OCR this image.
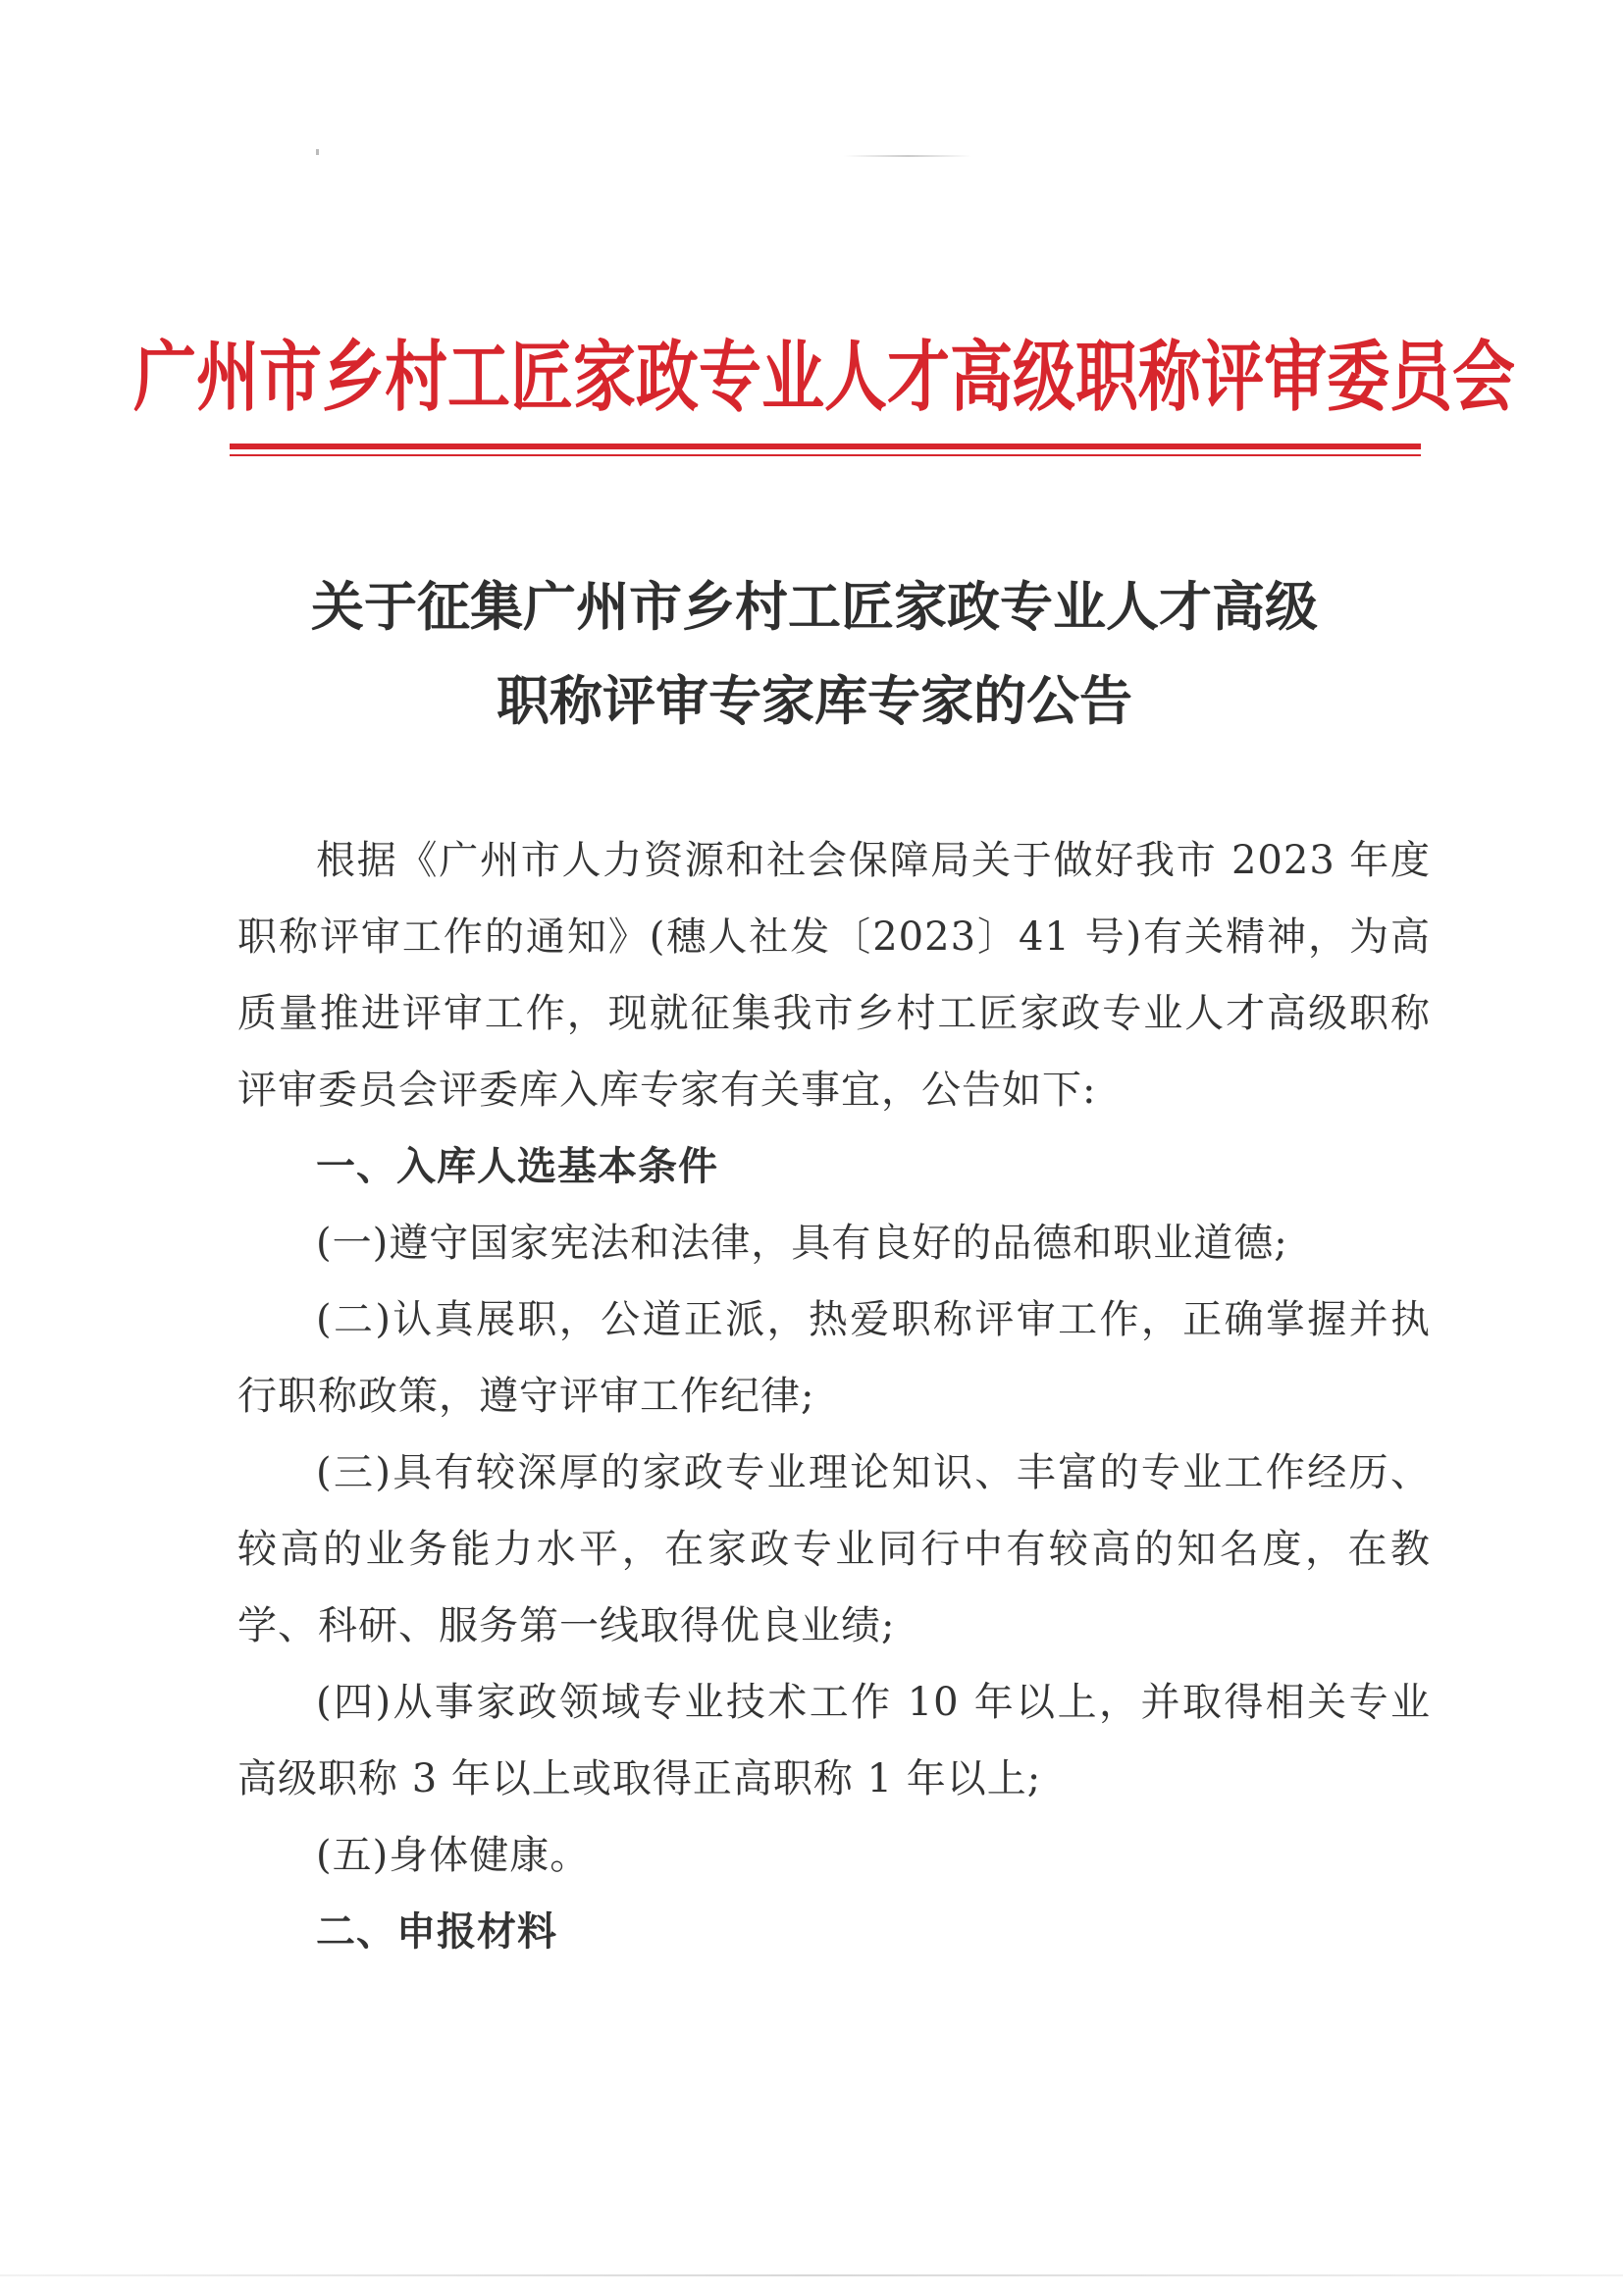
广州市乡村工匠家政专业人才高级职称评审委员会
关于征集广州市乡村工匠家政专业人才高级
职称评审专家库专家的公告

根据《广州市人力资源和社会保障局关于做好我市 2023 年度职称评审工作的通知》(穗人社发〔2023〕41 号)有关精神，为高质量推进评审工作，现就征集我市乡村工匠家政专业人才高级职称评审委员会评委库入库专家有关事宜，公告如下:

一、入库人选基本条件

(一)遵守国家宪法和法律，具有良好的品德和职业道德;

(二)认真展职，公道正派，热爱职称评审工作，正确掌握并执行职称政策，遵守评审工作纪律;

(三)具有较深厚的家政专业理论知识、丰富的专业工作经历、较高的业务能力水平，在家政专业同行中有较高的知名度，在教学、科研、服务第一线取得优良业绩;

(四)从事家政领域专业技术工作 10 年以上，并取得相关专业高级职称 3 年以上或取得正高职称 1 年以上;

(五)身体健康。

二、申报材料
